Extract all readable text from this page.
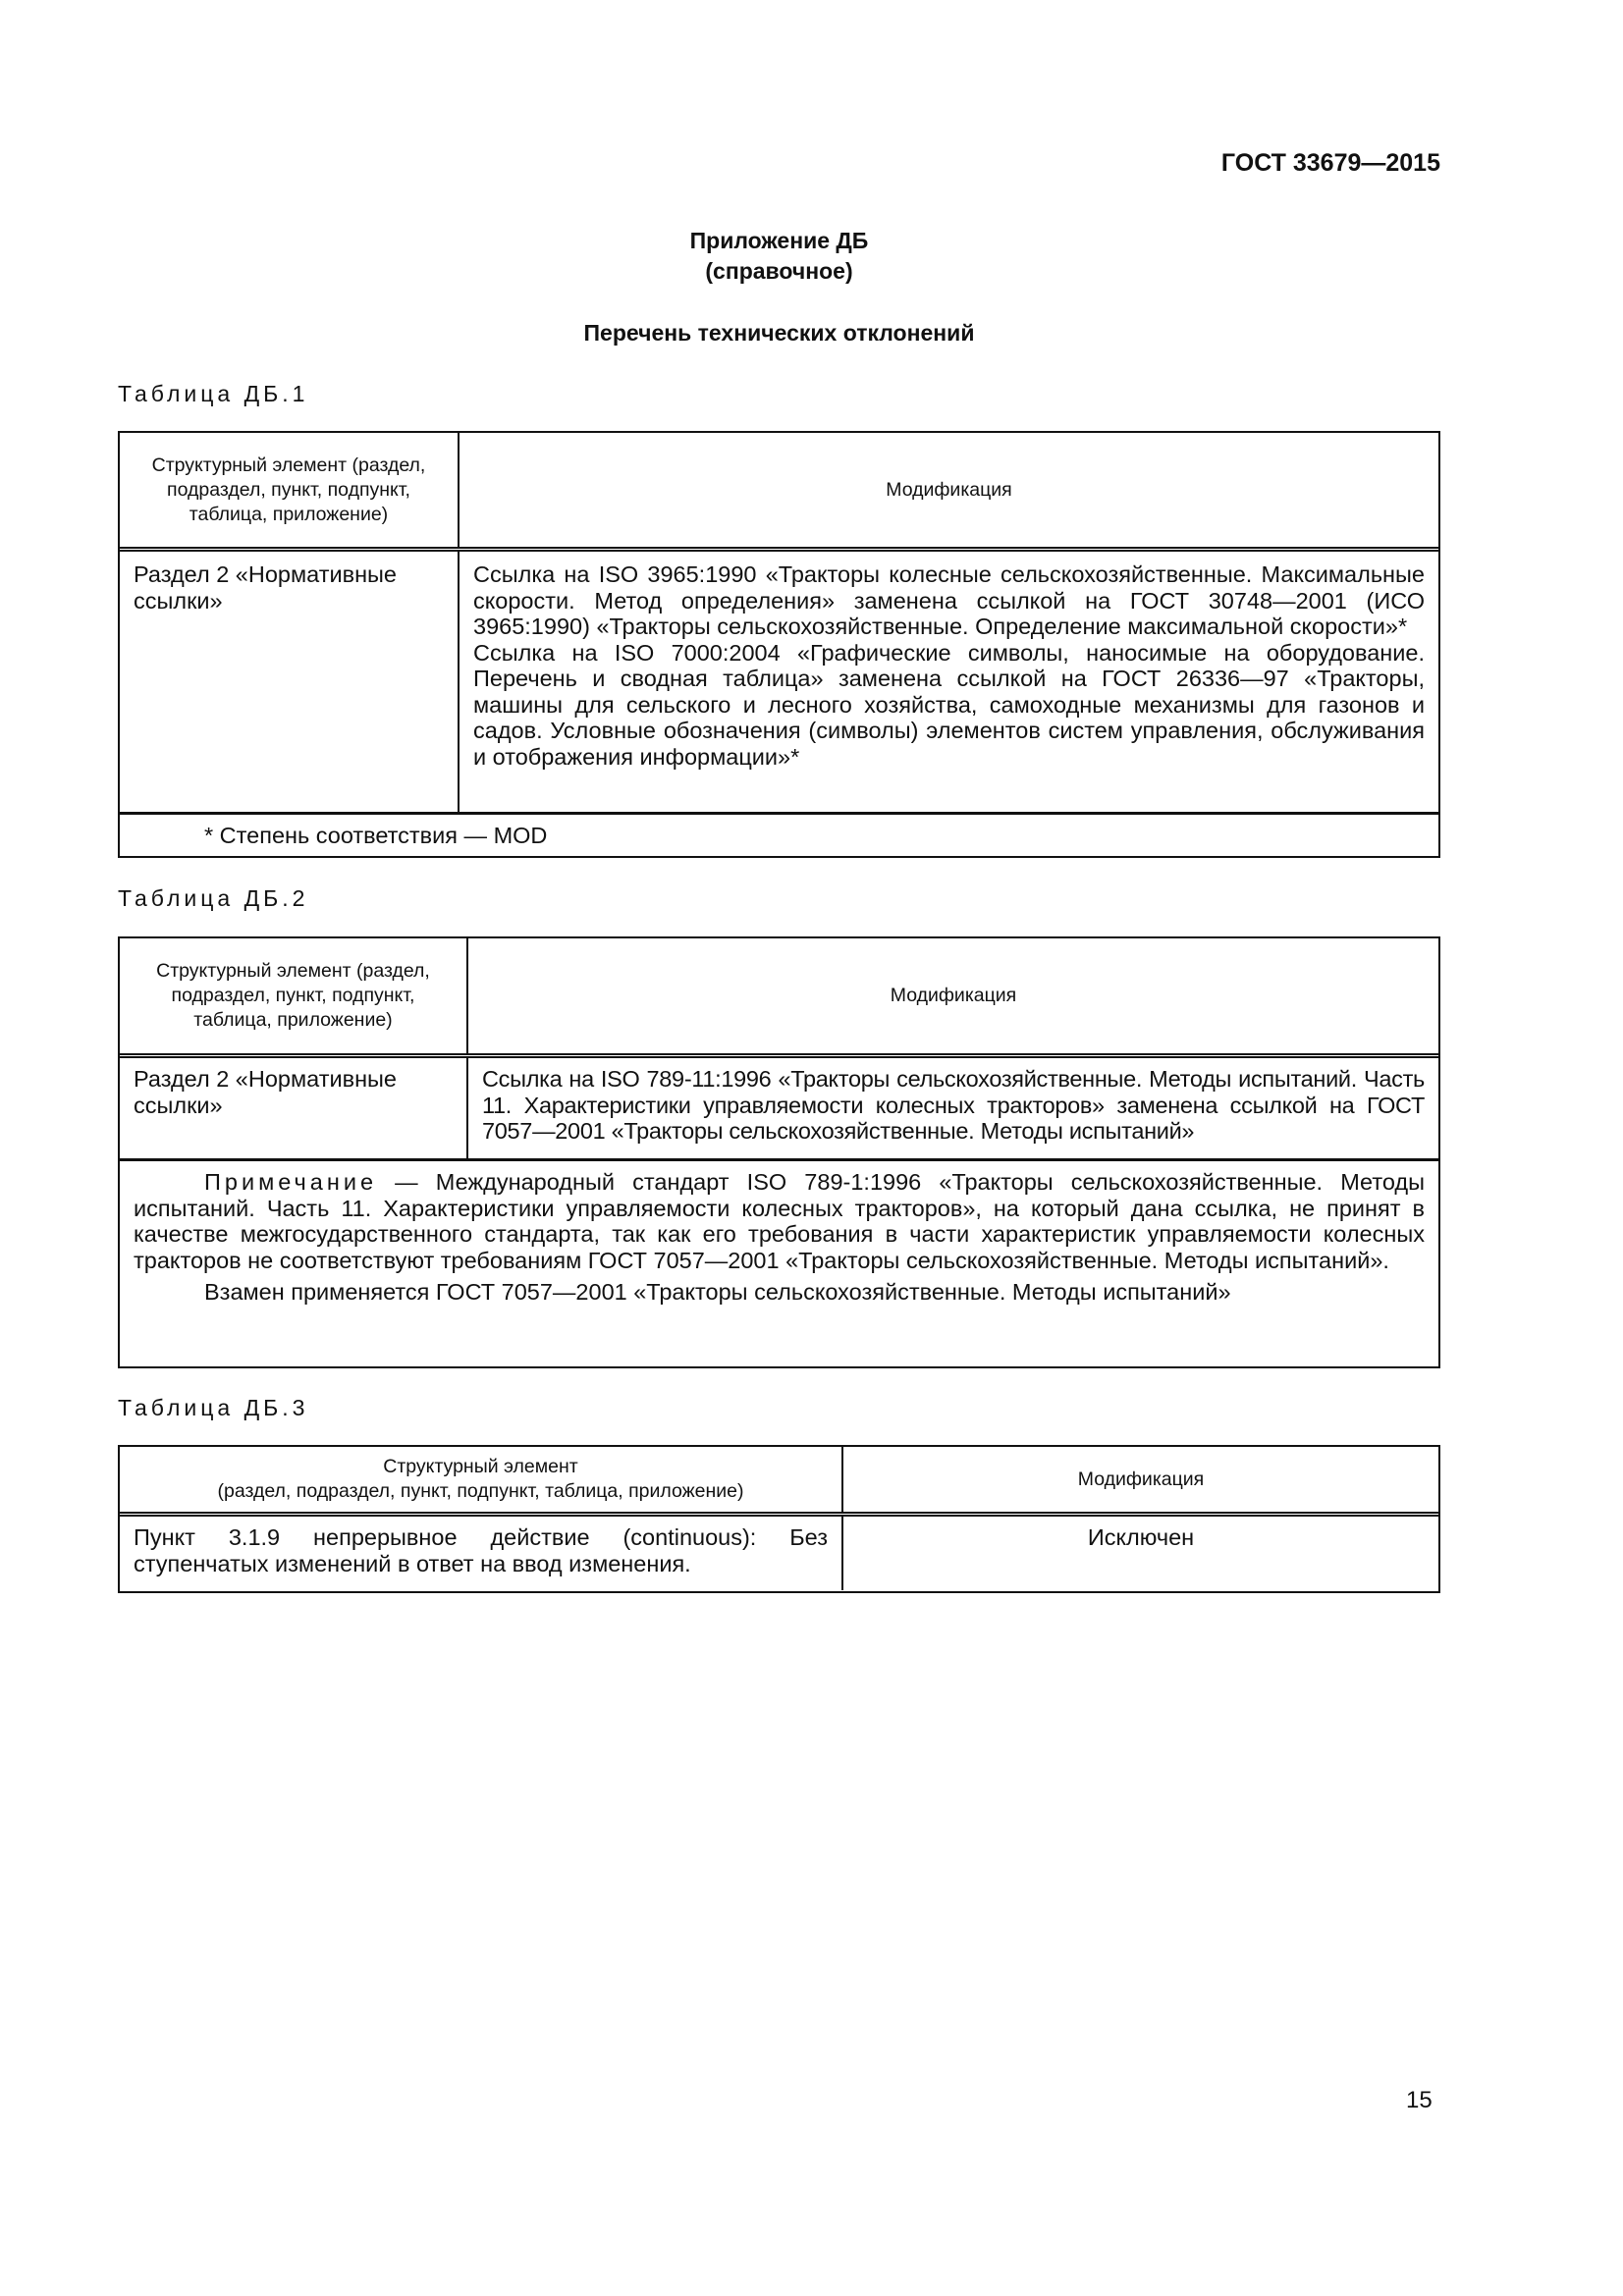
ГОСТ 33679—2015
Приложение ДБ
(справочное)
Перечень технических отклонений
Таблица ДБ.1
Структурный элемент (раздел, подраздел, пункт, подпункт, таблица, приложение)
Модификация
Раздел 2 «Нормативные ссылки»

Ссылка на ISO 3965:1990 «Тракторы колесные сельскохозяйственные. Максимальные скорости. Метод определения» заменена ссылкой на ГОСТ 30748—2001 (ИСО 3965:1990) «Тракторы сельскохозяйственные. Определение максимальной скорости»*

Ссылка на ISO 7000:2004 «Графические символы, наносимые на оборудование. Перечень и сводная таблица» заменена ссылкой на ГОСТ 26336—97 «Тракторы, машины для сельского и лесного хозяйства, самоходные механизмы для газонов и садов. Условные обозначения (символы) элементов систем управления, обслуживания и отображения информации»*

* Степень соответствия — MOD
Таблица ДБ.2
Структурный элемент (раздел, подраздел, пункт, подпункт, таблица, приложение)
Модификация
Раздел 2 «Нормативные ссылки»
Ссылка на ISO 789-11:1996 «Тракторы сельскохозяйственные. Методы испытаний. Часть 11. Характеристики управляемости колесных тракторов» заменена ссылкой на ГОСТ 7057—2001 «Тракторы сельскохозяйственные. Методы испытаний»

Примечание — Международный стандарт ISO 789-1:1996 «Тракторы сельскохозяйственные. Методы испытаний. Часть 11. Характеристики управляемости колесных тракторов», на который дана ссылка, не принят в качестве межгосударственного стандарта, так как его требования в части характеристик управляемости колесных тракторов не соответствуют требованиям ГОСТ 7057—2001 «Тракторы сельскохозяйственные. Методы испытаний».

Взамен применяется ГОСТ 7057—2001 «Тракторы сельскохозяйственные. Методы испытаний»

Таблица ДБ.3
Структурный элемент
(раздел, подраздел, пункт, подпункт, таблица, приложение)
Модификация
Пункт 3.1.9 непрерывное действие (continuous): Без ступенчатых изменений в ответ на ввод изменения.
Исключен
15
